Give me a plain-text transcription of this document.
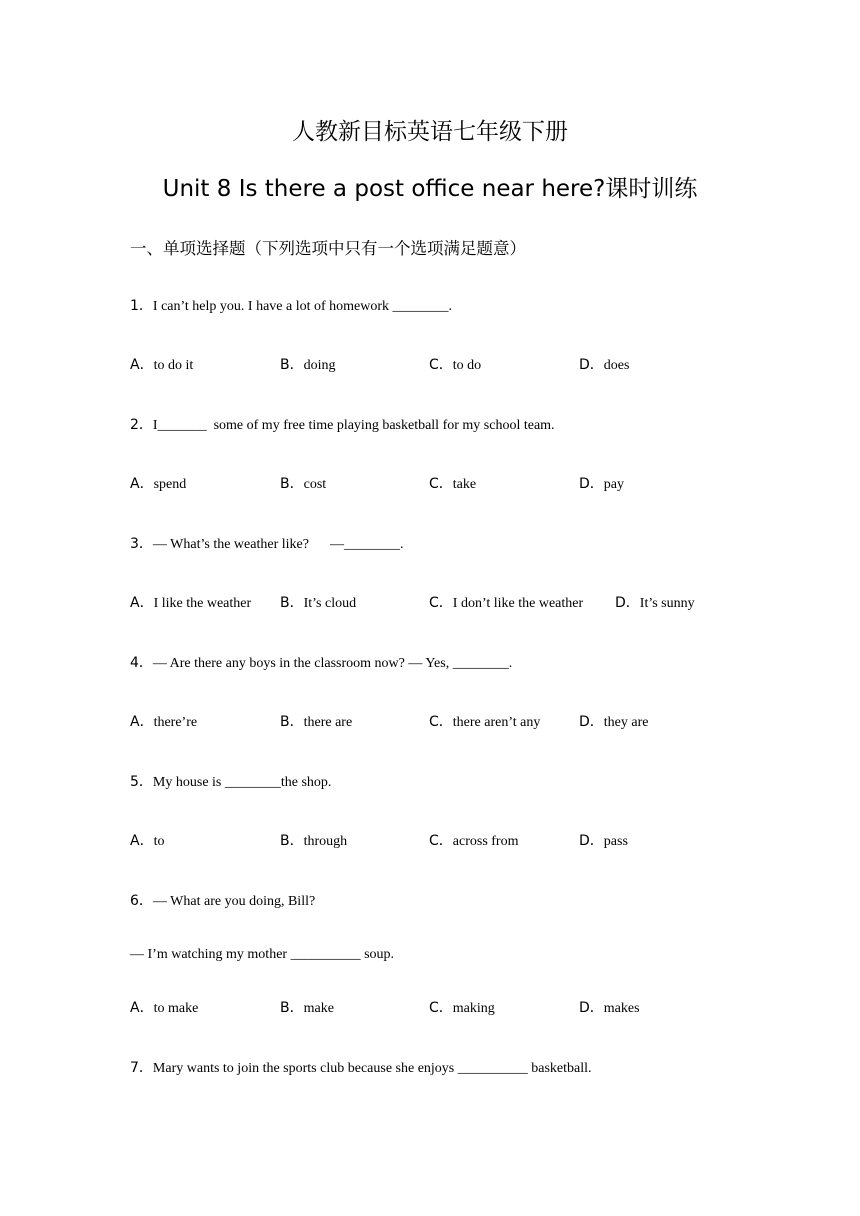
人教新目标英语七年级下册
Unit 8 Is there a post office near here?课时训练
一、单项选择题（下列选项中只有一个选项满足题意）
1．I can’t help you. I have a lot of homework ________.
A．to do it	B．doing	C．to do	D．does
2．I_______  some of my free time playing basketball for my school team.
A．spend	B．cost	C．take	D．pay
3．— What’s the weather like?      —________.
A．I like the weather B．It’s cloud	C．I don’t like the weather D．It’s sunny
4．— Are there any boys in the classroom now? — Yes, ________.
A．there’re	B．there are	C．there aren’t any	D．they are
5．My house is ________the shop.
A．to	B．through	C．across from	D．pass
6．— What are you doing, Bill?
— I’m watching my mother __________ soup.
A．to make	B．make	C．making	D．makes
7．Mary wants to join the sports club because she enjoys __________ basketball.
